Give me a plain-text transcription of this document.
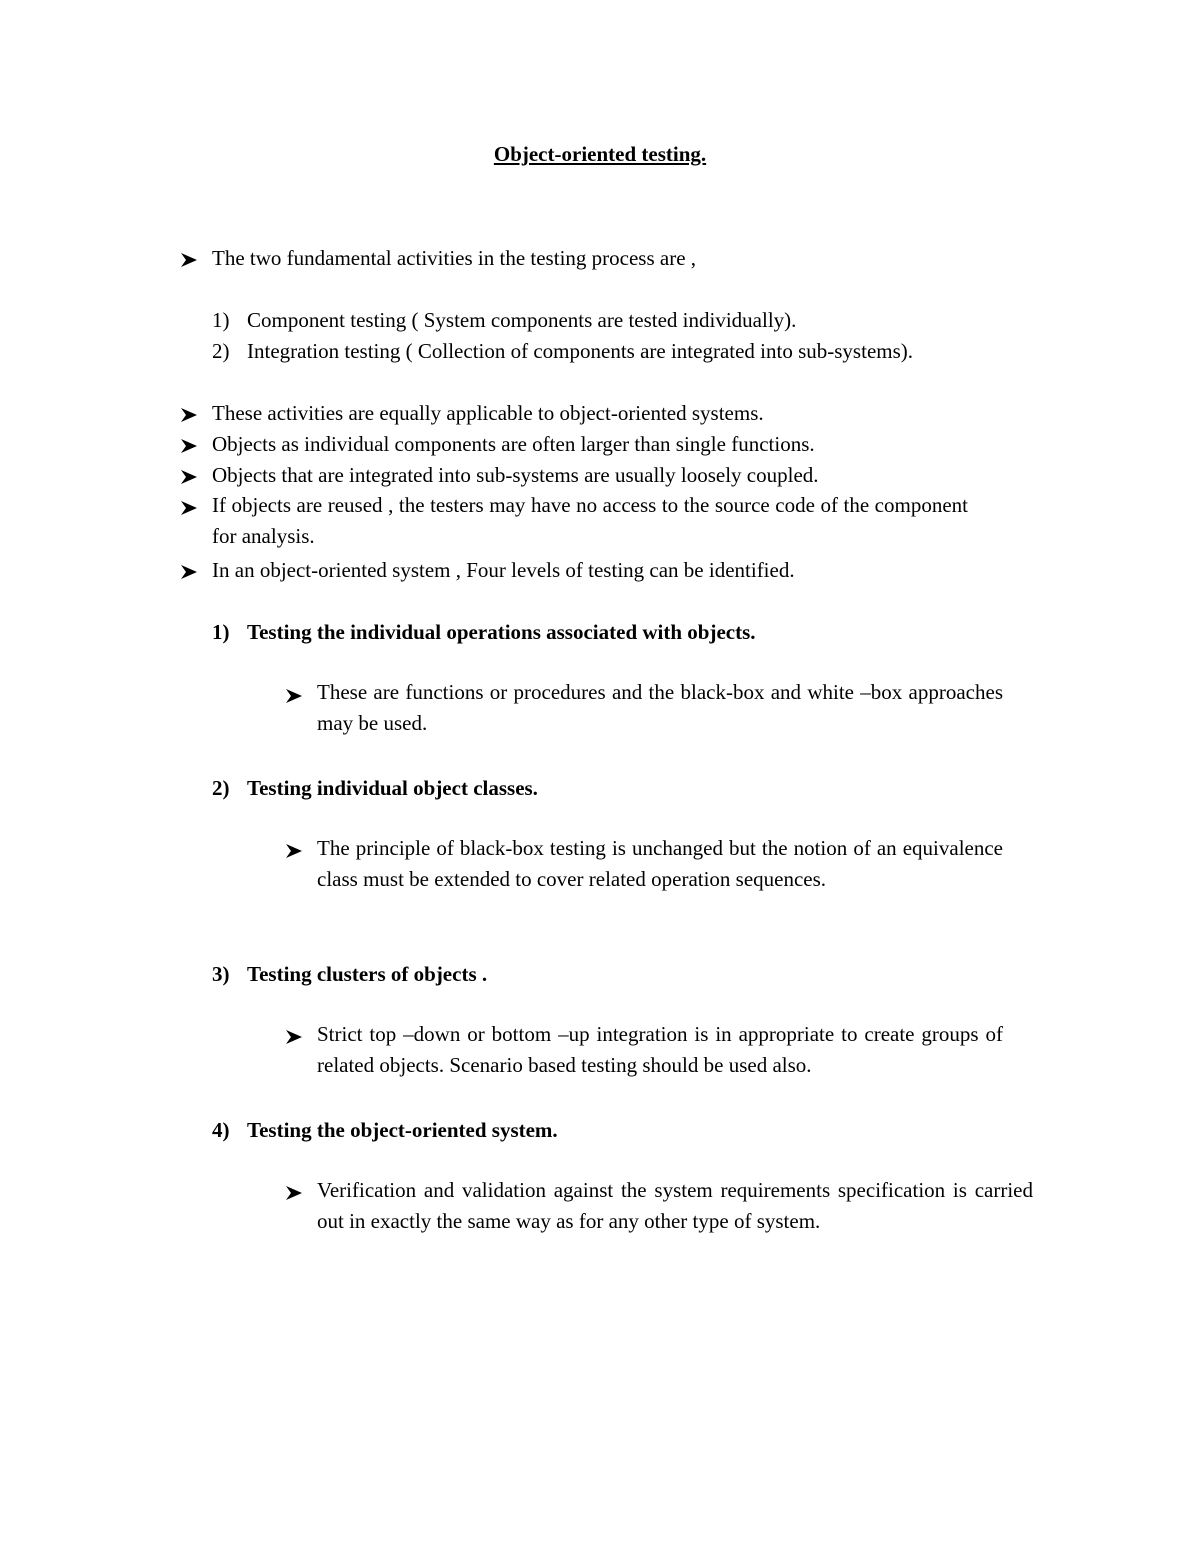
Object-oriented testing.
The two fundamental activities in the testing process are ,
1) Component testing ( System components are tested individually).
2) Integration testing ( Collection of components are integrated into sub-systems).
These activities are equally applicable to object-oriented systems.
Objects as individual components are often larger than single functions.
Objects that are integrated into sub-systems are usually loosely coupled.
If objects are reused , the testers may have no access to the source code of the component for analysis.
In an object-oriented system , Four levels of testing can be identified.
1) Testing the individual operations associated with objects.
These are functions or procedures and the black-box and white –box approaches may be used.
2) Testing individual object classes.
The principle of black-box testing is unchanged but the notion of an equivalence class must be extended to cover related operation sequences.
3) Testing clusters of objects .
Strict top –down or bottom –up integration is in appropriate to create groups of related objects. Scenario based testing should be used also.
4) Testing the object-oriented system.
Verification and validation against the system requirements specification is carried out in exactly the same way as for any other type of system.
